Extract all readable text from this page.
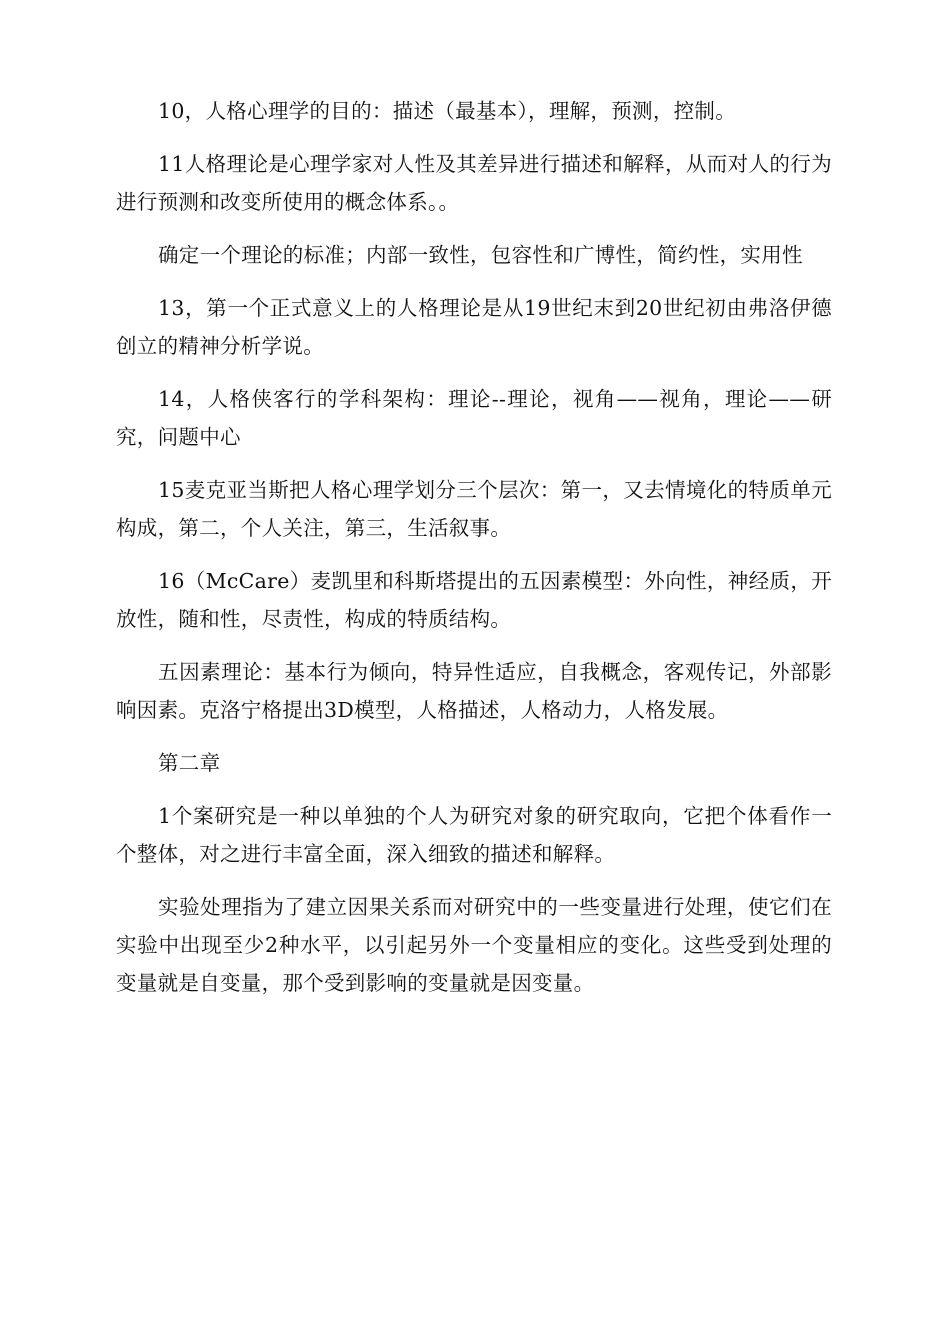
10，人格心理学的目的：描述（最基本），理解，预测，控制。

11人格理论是心理学家对人性及其差异进行描述和解释，从而对人的行为进行预测和改变所使用的概念体系。。

确定一个理论的标准；内部一致性，包容性和广博性，简约性，实用性

13，第一个正式意义上的人格理论是从19世纪末到20世纪初由弗洛伊德创立的精神分析学说。

14，人格侠客行的学科架构：理论--理论，视角——视角，理论——研究，问题中心

15麦克亚当斯把人格心理学划分三个层次：第一，又去情境化的特质单元构成，第二，个人关注，第三，生活叙事。

16（McCare）麦凯里和科斯塔提出的五因素模型：外向性，神经质，开放性，随和性，尽责性，构成的特质结构。

五因素理论：基本行为倾向，特异性适应，自我概念，客观传记，外部影响因素。克洛宁格提出3D模型，人格描述，人格动力，人格发展。

第二章

1个案研究是一种以单独的个人为研究对象的研究取向，它把个体看作一个整体，对之进行丰富全面，深入细致的描述和解释。

实验处理指为了建立因果关系而对研究中的一些变量进行处理，使它们在实验中出现至少2种水平，以引起另外一个变量相应的变化。这些受到处理的变量就是自变量，那个受到影响的变量就是因变量。
